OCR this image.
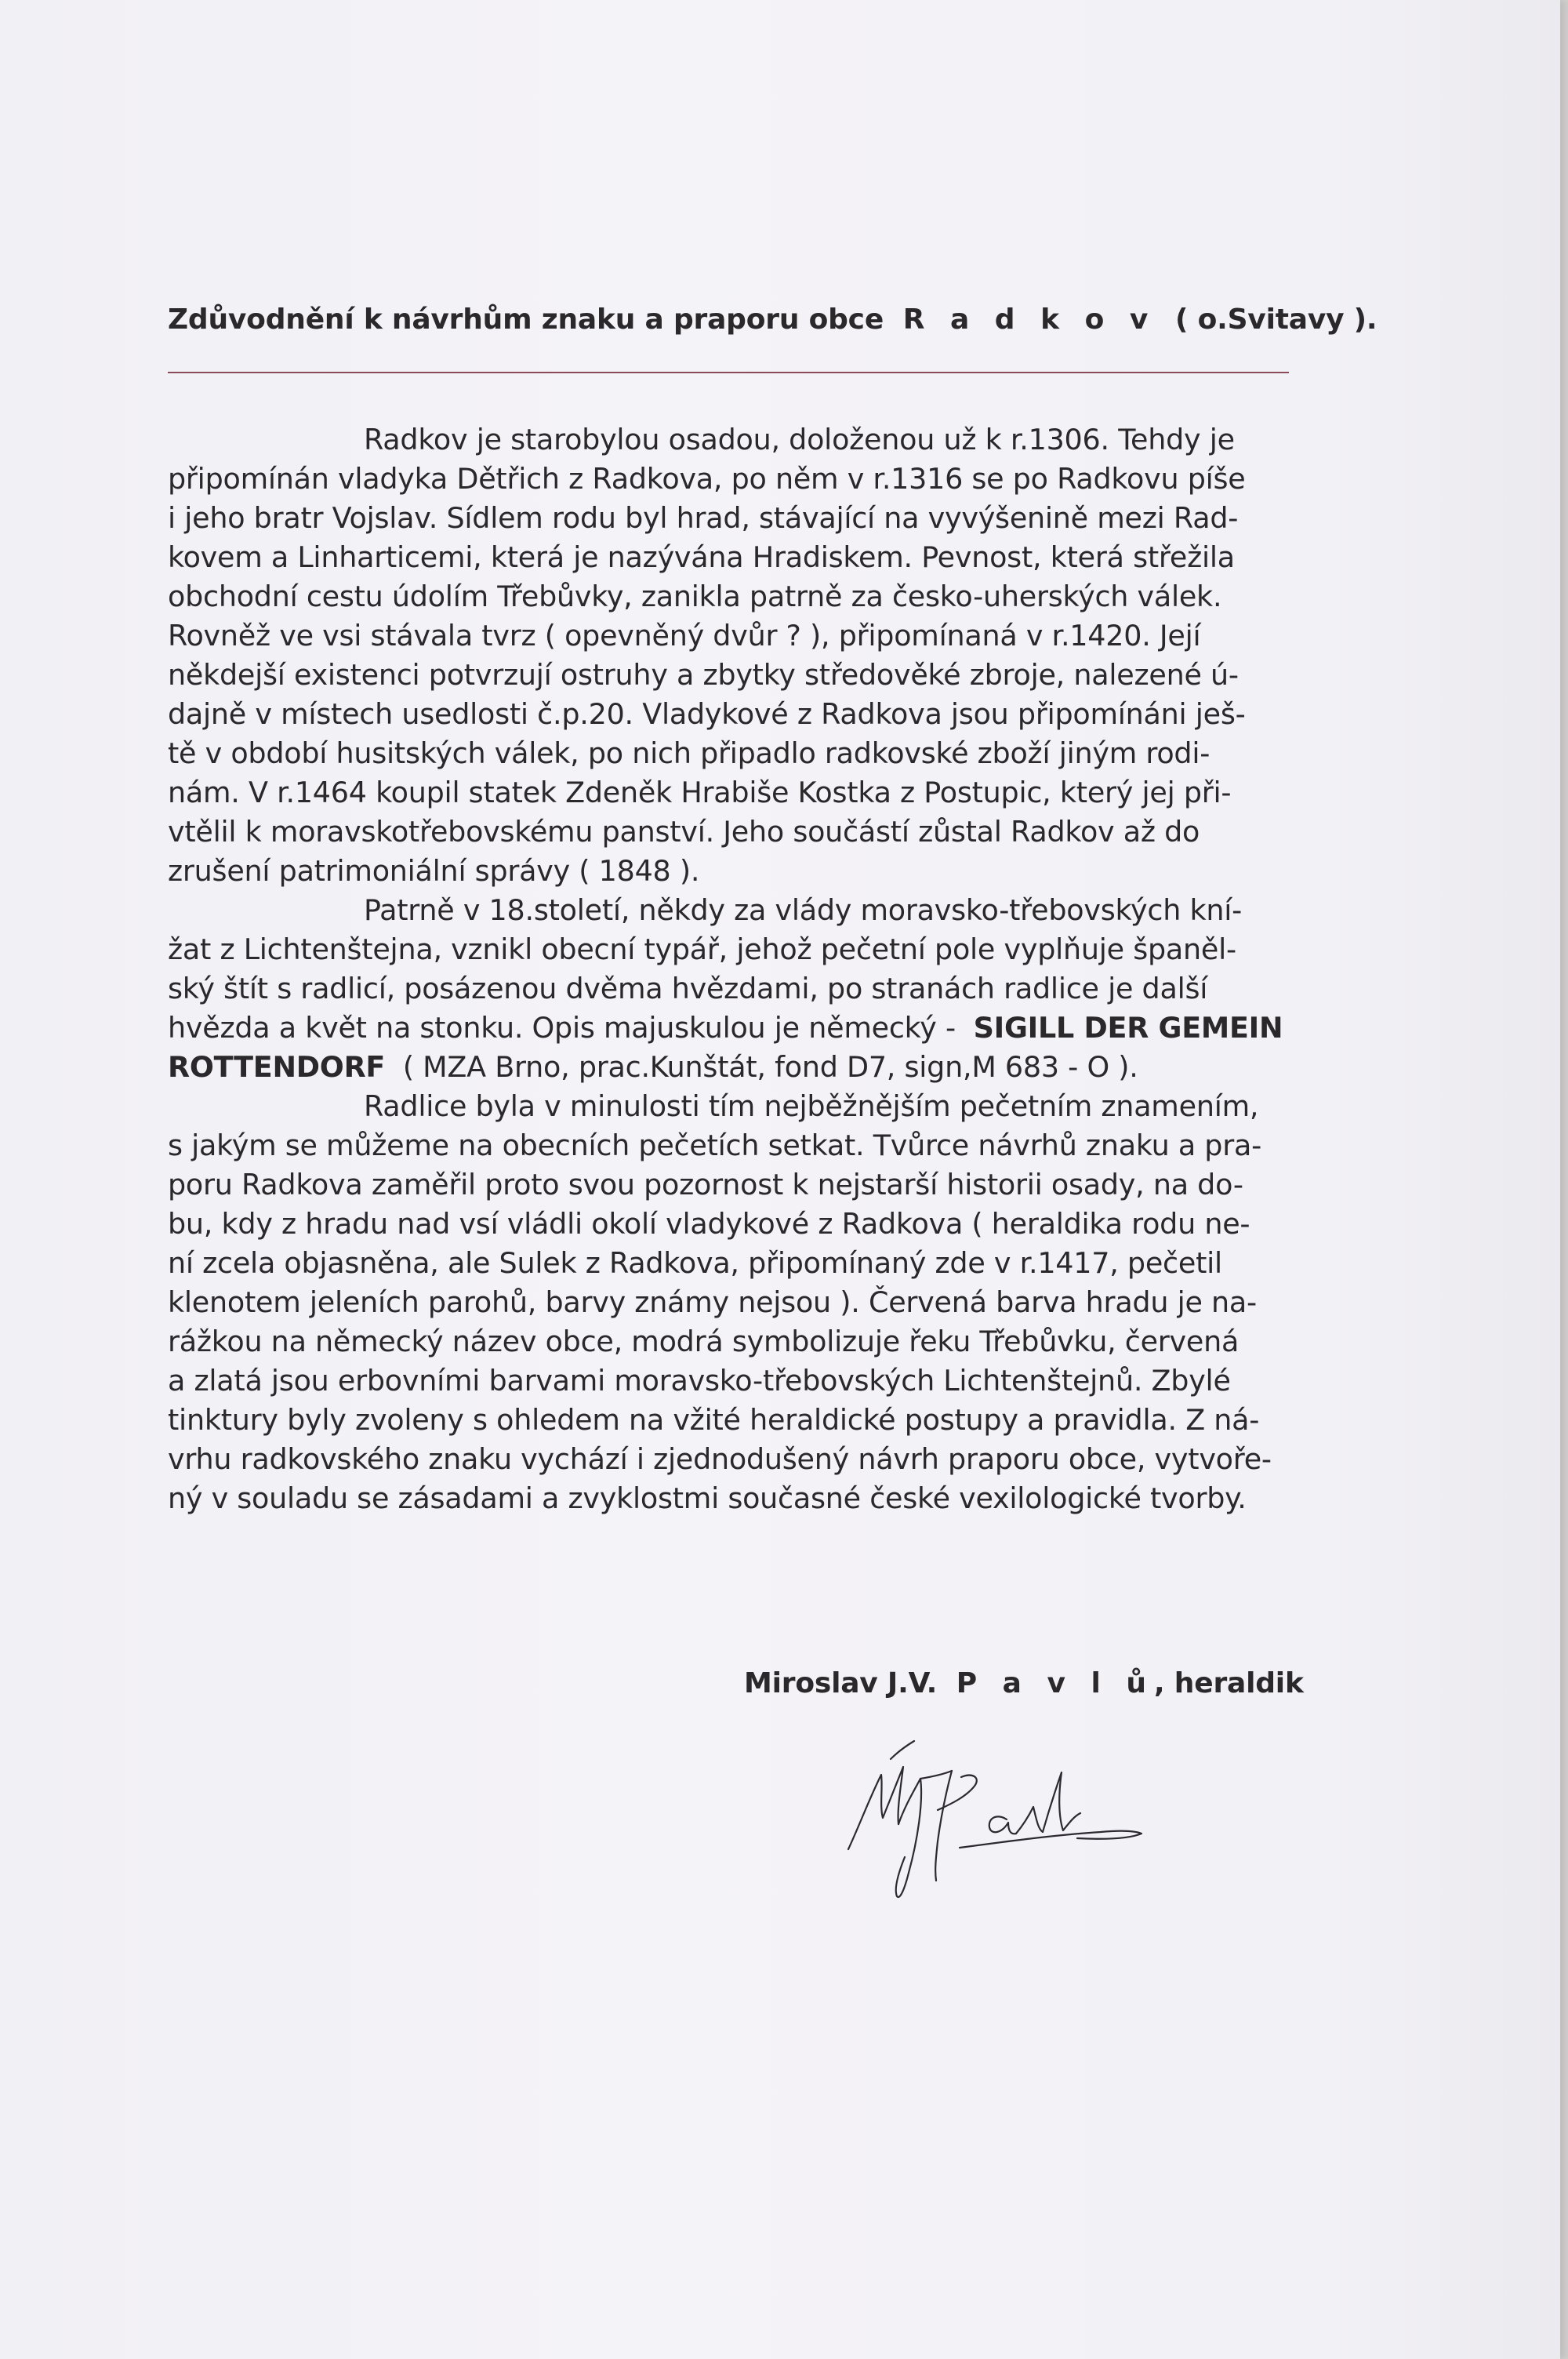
Zdůvodnění k návrhům znaku a praporu obce R a d k o v ( o.Svitavy ).
Radkov je starobylou osadou, doloženou už k r.1306. Tehdy je
připomínán vladyka Dětřich z Radkova, po něm v r.1316 se po Radkovu píše
i jeho bratr Vojslav. Sídlem rodu byl hrad, stávající na vyvýšenině mezi Rad-
kovem a Linharticemi, která je nazývána Hradiskem. Pevnost, která střežila
obchodní cestu údolím Třebůvky, zanikla patrně za česko-uherských válek.
Rovněž ve vsi stávala tvrz ( opevněný dvůr ? ), připomínaná v r.1420. Její
někdejší existenci potvrzují ostruhy a zbytky středověké zbroje, nalezené ú-
dajně v místech usedlosti č.p.20. Vladykové z Radkova jsou připomínáni ješ-
tě v období husitských válek, po nich připadlo radkovské zboží jiným rodi-
nám. V r.1464 koupil statek Zdeněk Hrabiše Kostka z Postupic, který jej při-
vtělil k moravskotřebovskému panství. Jeho součástí zůstal Radkov až do
zrušení patrimoniální správy ( 1848 ).
Patrně v 18.století, někdy za vlády moravsko-třebovských kní-
žat z Lichtenštejna, vznikl obecní typář, jehož pečetní pole vyplňuje španěl-
ský štít s radlicí, posázenou dvěma hvězdami, po stranách radlice je další
hvězda a květ na stonku. Opis majuskulou je německý - SIGILL DER GEMEIN
ROTTENDORF ( MZA Brno, prac.Kunštát, fond D7, sign,M 683 - O ).
Radlice byla v minulosti tím nejběžnějším pečetním znamením,
s jakým se můžeme na obecních pečetích setkat. Tvůrce návrhů znaku a pra-
poru Radkova zaměřil proto svou pozornost k nejstarší historii osady, na do-
bu, kdy z hradu nad vsí vládli okolí vladykové z Radkova ( heraldika rodu ne-
ní zcela objasněna, ale Sulek z Radkova, připomínaný zde v r.1417, pečetil
klenotem jeleních parohů, barvy známy nejsou ). Červená barva hradu je na-
rážkou na německý název obce, modrá symbolizuje řeku Třebůvku, červená
a zlatá jsou erbovními barvami moravsko-třebovských Lichtenštejnů. Zbylé
tinktury byly zvoleny s ohledem na vžité heraldické postupy a pravidla. Z ná-
vrhu radkovského znaku vychází i zjednodušený návrh praporu obce, vytvoře-
ný v souladu se zásadami a zvyklostmi současné české vexilologické tvorby.
Miroslav J.V. P a v l ů, heraldik
